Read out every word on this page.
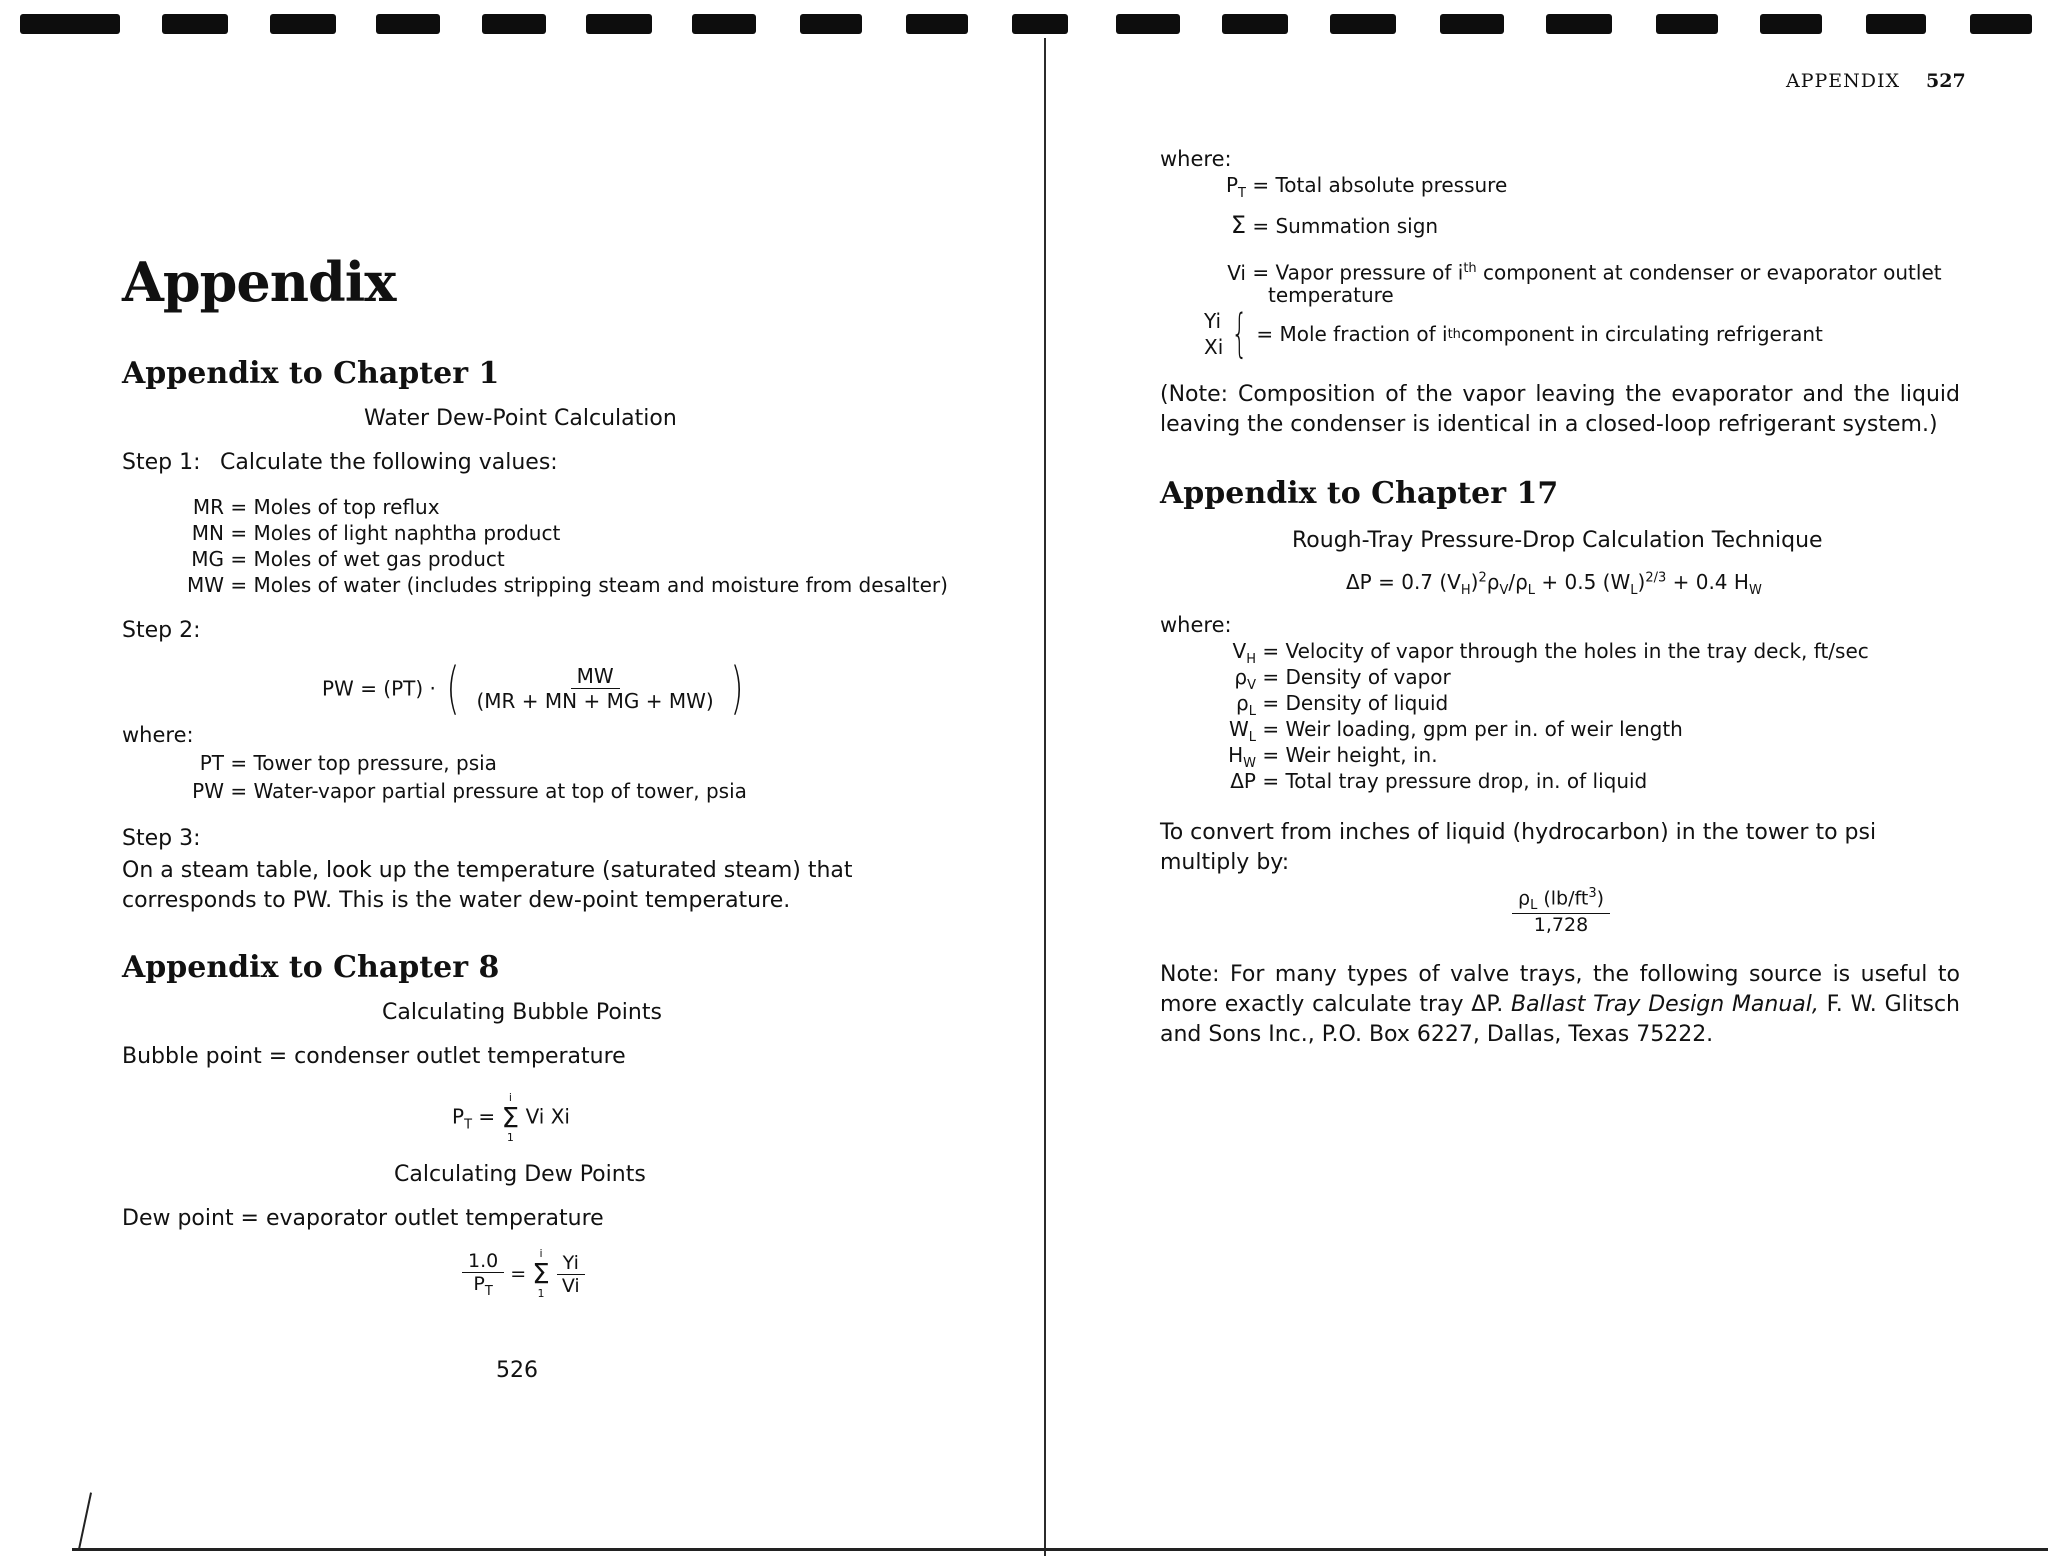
Appendix
Appendix to Chapter 1
Water Dew-Point Calculation
Step 1: Calculate the following values:
MR = Moles of top reflux
MN = Moles of light naphtha product
MG = Moles of wet gas product
MW = Moles of water (includes stripping steam and moisture from desalter)
Step 2:
PW = (PT) · ( $\frac{MW}{(MR + MN + MG + MW)}$ )
where:
PT = Tower top pressure, psia
PW = Water-vapor partial pressure at top of tower, psia
Step 3:
On a steam table, look up the temperature (saturated steam) that corresponds to PW. This is the water dew-point temperature.
Appendix to Chapter 8
Calculating Bubble Points
Bubble point = condenser outlet temperature
$P_T$ =
i
Σ
1
Vi Xi
Calculating Dew Points
Dew point = evaporator outlet temperature
$\frac{1.0}{P_T}$ =
i
Σ
$1 \frac{Yi}{Vi}$
526
APPENDIX 527
where:
$P_T$ = Total absolute pressure
Σ = Summation sign
Vi = Vapor pressure of $i^{th}$ component at condenser or evaporator outlet
temperature
Yi
Xi { = Mole fraction of i th component in circulating refrigerant
(Note: Composition of the vapor leaving the evaporator and the liquid leaving the condenser is identical in a closed-loop refrigerant system.)
Appendix to Chapter 17
Rough-Tray Pressure-Drop Calculation Technique
ΔP = 0.7 $(V_H)^2\rho_V/\rho_L + 0.5$ $(W_L)^{2/3} + 0.4$ $H_W$
where:
$V_H$ = Velocity of vapor through the holes in the tray deck, ft/sec
$\rho_V$ = Density of vapor
$\rho_L$ = Density of liquid
$W_L$ = Weir loading, gpm per in. of weir length
$H_W$ = Weir height, in.
ΔP = Total tray pressure drop, in. of liquid
To convert from inches of liquid (hydrocarbon) in the tower to psi multiply by:
$\frac{\rho_L (lb/ft^3)}{1,728}$
Note: For many types of valve trays, the following source is useful to more exactly calculate tray ΔP. Ballast Tray Design Manual, F. W. Glitsch and Sons Inc., P.O. Box 6227, Dallas, Texas 75222.
